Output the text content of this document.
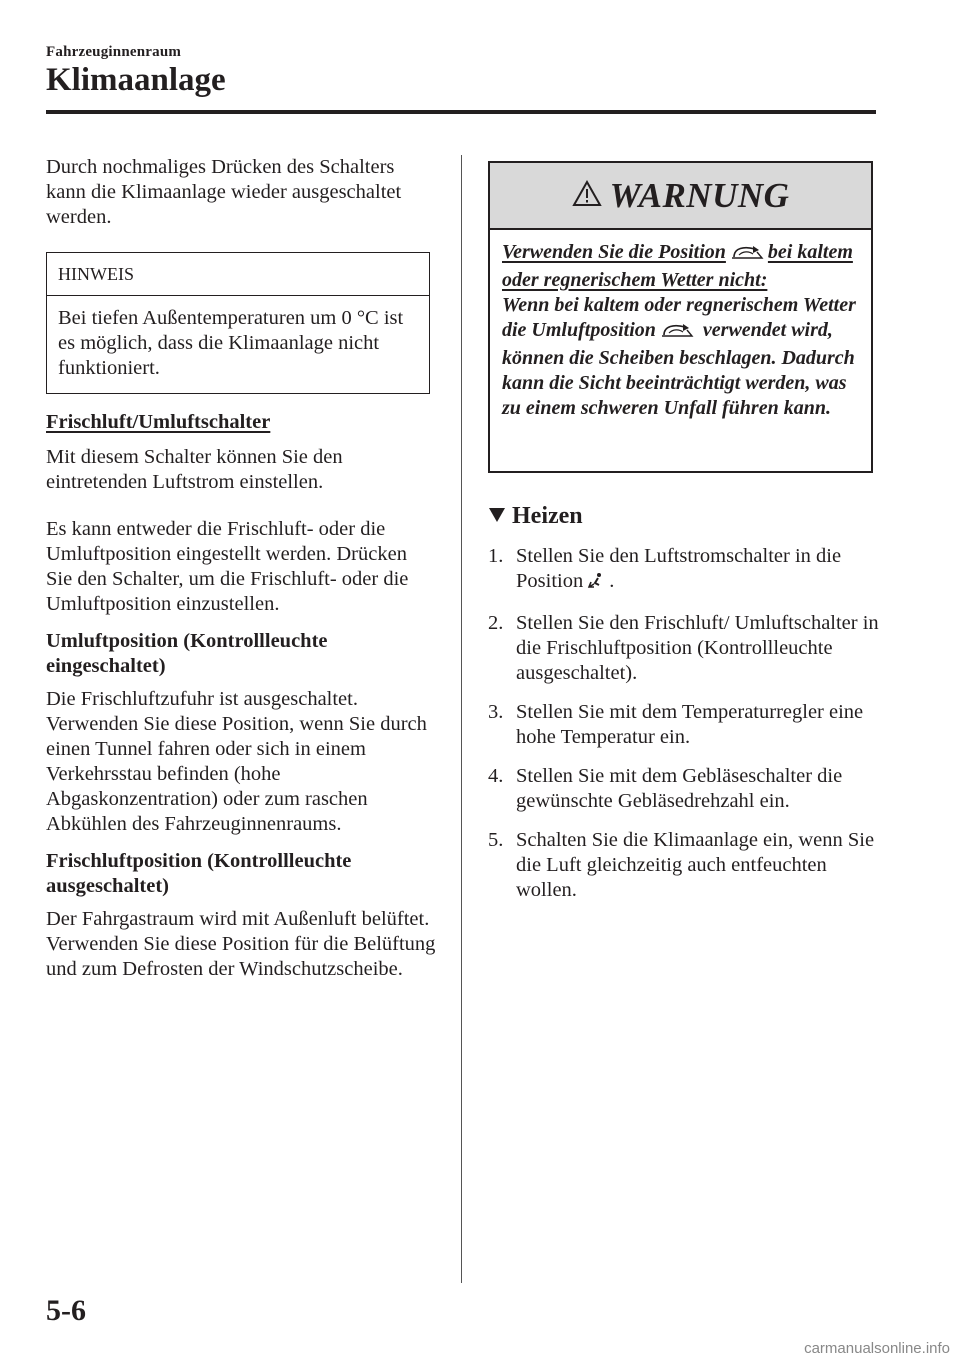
Fahrzeuginnenraum
Klimaanlage

Durch nochmaliges Drücken des Schalters kann die Klimaanlage wieder ausgeschaltet werden.

HINWEIS
Bei tiefen Außentemperaturen um 0 °C ist es möglich, dass die Klimaanlage nicht funktioniert.

Frischluft/Umluftschalter

Mit diesem Schalter können Sie den eintretenden Luftstrom einstellen.

Es kann entweder die Frischluft- oder die Umluftposition eingestellt werden. Drücken Sie den Schalter, um die Frischluft- oder die Umluftposition einzustellen.

Umluftposition (Kontrollleuchte eingeschaltet)

Die Frischluftzufuhr ist ausgeschaltet. Verwenden Sie diese Position, wenn Sie durch einen Tunnel fahren oder sich in einem Verkehrsstau befinden (hohe Abgaskonzentration) oder zum raschen Abkühlen des Fahrzeuginnenraums.

Frischluftposition (Kontrollleuchte ausgeschaltet)

Der Fahrgastraum wird mit Außenluft belüftet. Verwenden Sie diese Position für die Belüftung und zum Defrosten der Windschutzscheibe.

WARNUNG

Verwenden Sie die Position bei kaltem oder regnerischem Wetter nicht:

Wenn bei kaltem oder regnerischem Wetter die Umluftposition verwendet wird, können die Scheiben beschlagen. Dadurch kann die Sicht beeinträchtigt werden, was zu einem schweren Unfall führen kann.

Heizen
1. Stellen Sie den Luftstromschalter in die Position .
2. Stellen Sie den Frischluft/ Umluftschalter in die Frischluftposition (Kontrollleuchte ausgeschaltet).
3. Stellen Sie mit dem Temperaturregler eine hohe Temperatur ein.
4. Stellen Sie mit dem Gebläseschalter die gewünschte Gebläsedrehzahl ein.
5. Schalten Sie die Klimaanlage ein, wenn Sie die Luft gleichzeitig auch entfeuchten wollen.
5-6
carmanualsonline.info
